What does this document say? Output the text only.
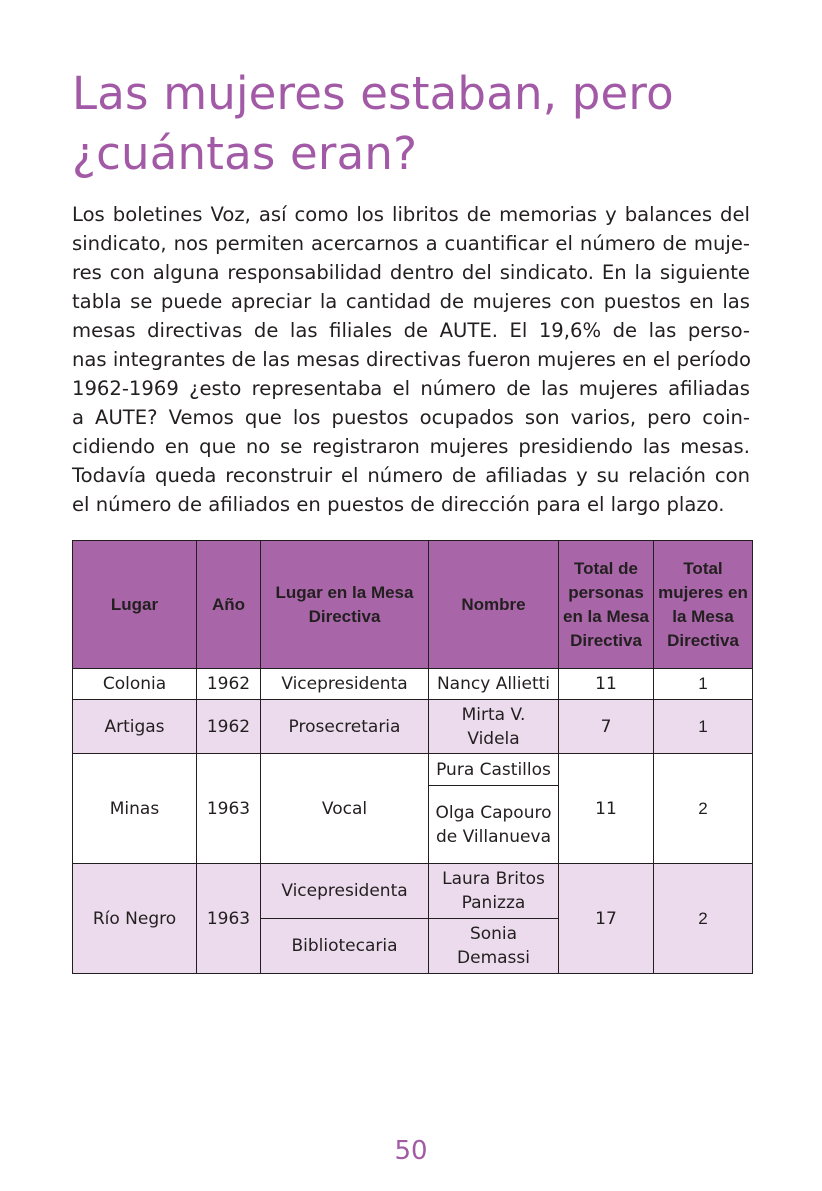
Las mujeres estaban, pero
¿cuántas eran?

Los boletines Voz, así como los libritos de memorias y balances del
sindicato, nos permiten acercarnos a cuantificar el número de muje-
res con alguna responsabilidad dentro del sindicato. En la siguiente
tabla se puede apreciar la cantidad de mujeres con puestos en las
mesas directivas de las filiales de AUTE. El 19,6% de las perso-
nas integrantes de las mesas directivas fueron mujeres en el período
1962-1969 ¿esto representaba el número de las mujeres afiliadas
a AUTE? Vemos que los puestos ocupados son varios, pero coin-
cidiendo en que no se registraron mujeres presidiendo las mesas.
Todavía queda reconstruir el número de afiliadas y su relación con
el número de afiliados en puestos de dirección para el largo plazo.

Lugar	Año	Lugar en la Mesa Directiva	Nombre	Total de personas en la Mesa Directiva	Total mujeres en la Mesa Directiva
Colonia	1962	Vicepresidenta	Nancy Allietti	11	1
Artigas	1962	Prosecretaria	Mirta V. Videla	7	1
Minas	1963	Vocal	Pura Castillos	11	2
			Olga Capouro de Villanueva		
Río Negro	1963	Vicepresidenta	Laura Britos Panizza	17	2
		Bibliotecaria	Sonia Demassi		

50
